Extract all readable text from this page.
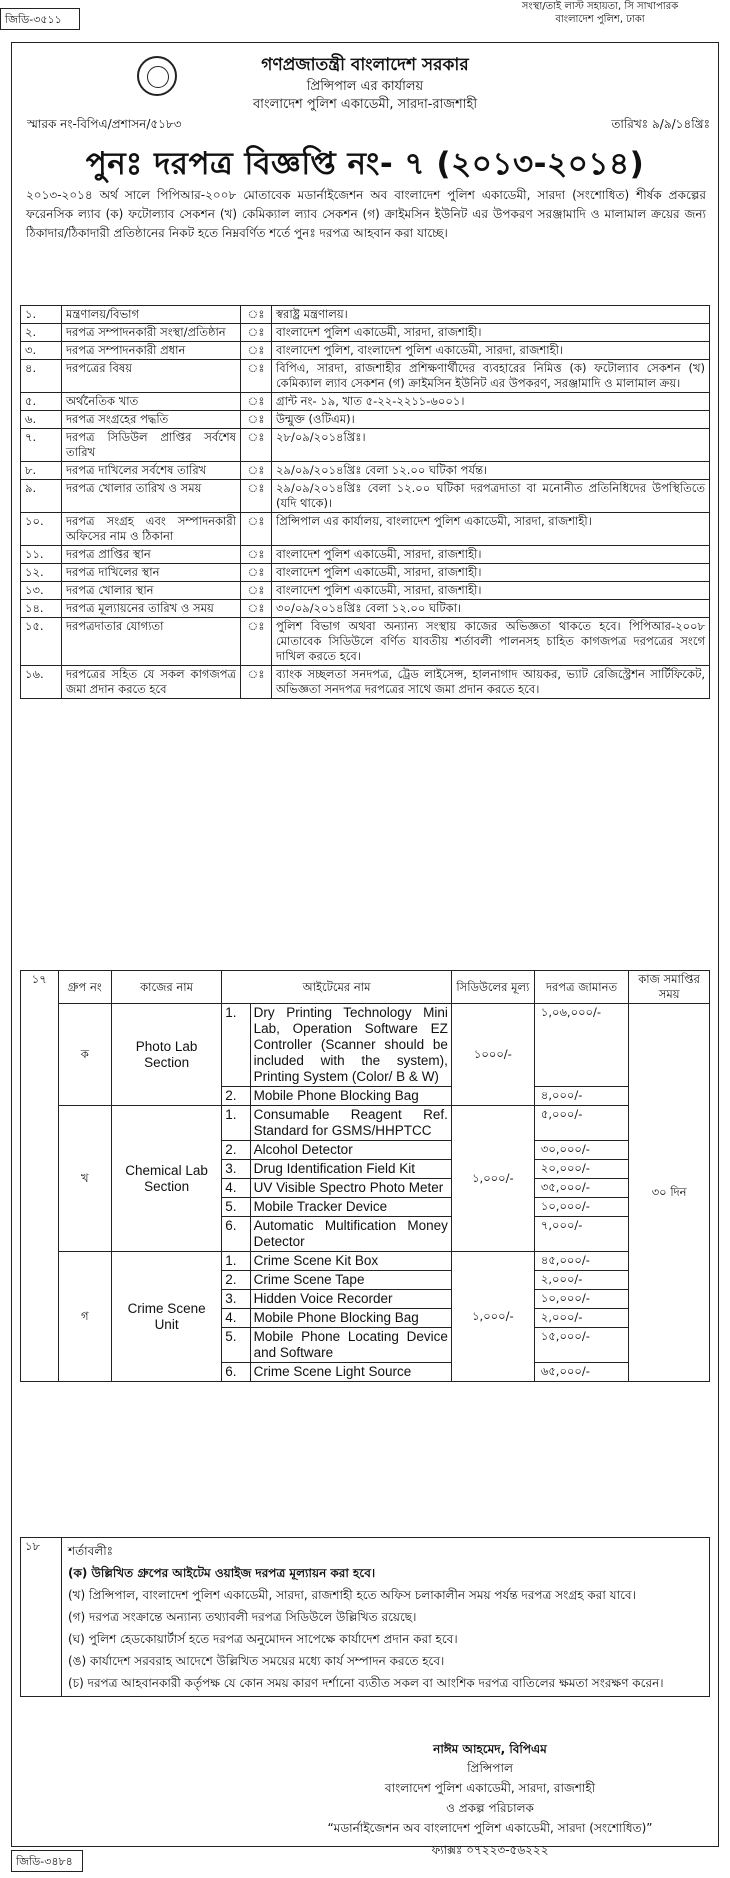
জিডি-৩৫১১
সংস্থা/তাই লাস্ট সহায়তা, সি সাখাপারক
বাংলাদেশ পুলিশ, ঢাকা
গণপ্রজাতন্ত্রী বাংলাদেশ সরকার
প্রিন্সিপাল এর কার্যালয়
বাংলাদেশ পুলিশ একাডেমী, সারদা-রাজশাহী
স্মারক নং-বিপিএ/প্রশাসন/৫১৮৩	তারিখঃ ৯/৯/১৪খ্রিঃ
পুনঃ দরপত্র বিজ্ঞপ্তি নং- ৭ (২০১৩-২০১৪)
২০১৩-২০১৪ অর্থ সালে পিপিআর-২০০৮ মোতাবেক মডার্নাইজেশন অব বাংলাদেশ পুলিশ একাডেমী, সারদা (সংশোধিত) শীর্ষক প্রকল্পের ফরেনসিক ল্যাব (ক) ফটোল্যাব সেকশন (খ) কেমিক্যাল ল্যাব সেকশন (গ) ক্রাইমসিন ইউনিট এর উপকরণ সরঞ্জামাদি ও মালামাল ক্রয়ের জন্য ঠিকাদার/ঠিকাদারী প্রতিষ্ঠানের নিকট হতে নিম্নবর্ণিত শর্তে পুনঃ দরপত্র আহবান করা যাচ্ছে।
১.	মন্ত্রণালয়/বিভাগ	ঃ	স্বরাষ্ট্র মন্ত্রণালয়।
২.	দরপত্র সম্পাদনকারী সংস্থা/প্রতিষ্ঠান	ঃ	বাংলাদেশ পুলিশ একাডেমী, সারদা, রাজশাহী।
৩.	দরপত্র সম্পাদনকারী প্রধান	ঃ	বাংলাদেশ পুলিশ, বাংলাদেশ পুলিশ একাডেমী, সারদা, রাজশাহী।
৪.	দরপত্রের বিষয়	ঃ	বিপিএ, সারদা, রাজশাহীর প্রশিক্ষণার্থীদের ব্যবহারের নিমিত্ত (ক) ফটোল্যাব সেকশন (খ) কেমিক্যাল ল্যাব সেকশন (গ) ক্রাইমসিন ইউনিট এর উপকরণ, সরঞ্জামাদি ও মালামাল ক্রয়।
৫.	অর্থনৈতিক খাত	ঃ	গ্রান্ট নং- ১৯, খাত ৫-২২-২২১১-৬০০১।
৬.	দরপত্র সংগ্রহের পদ্ধতি	ঃ	উন্মুক্ত (ওটিএম)।
৭.	দরপত্র সিডিউল প্রাপ্তির সর্বশেষ তারিখ	ঃ	২৮/০৯/২০১৪খ্রিঃ।
৮.	দরপত্র দাখিলের সর্বশেষ তারিখ	ঃ	২৯/০৯/২০১৪খ্রিঃ বেলা ১২.০০ ঘটিকা পর্যন্ত।
৯.	দরপত্র খোলার তারিখ ও সময়	ঃ	২৯/০৯/২০১৪খ্রিঃ বেলা ১২.০০ ঘটিকা দরপত্রদাতা বা মনোনীত প্রতিনিধিদের উপস্থিতিতে (যদি থাকে)।
১০.	দরপত্র সংগ্রহ এবং সম্পাদনকারী অফিসের নাম ও ঠিকানা	ঃ	প্রিন্সিপাল এর কার্যালয়, বাংলাদেশ পুলিশ একাডেমী, সারদা, রাজশাহী।
১১.	দরপত্র প্রাপ্তির স্থান	ঃ	বাংলাদেশ পুলিশ একাডেমী, সারদা, রাজশাহী।
১২.	দরপত্র দাখিলের স্থান	ঃ	বাংলাদেশ পুলিশ একাডেমী, সারদা, রাজশাহী।
১৩.	দরপত্র খোলার স্থান	ঃ	বাংলাদেশ পুলিশ একাডেমী, সারদা, রাজশাহী।
১৪.	দরপত্র মূল্যায়নের তারিখ ও সময়	ঃ	৩০/০৯/২০১৪খ্রিঃ বেলা ১২.০০ ঘটিকা।
১৫.	দরপত্রদাতার যোগ্যতা	ঃ	পুলিশ বিভাগ অথবা অন্যান্য সংস্থায় কাজের অভিজ্ঞতা থাকতে হবে। পিপিআর-২০০৮ মোতাবেক সিডিউলে বর্ণিত যাবতীয় শর্তাবলী পালনসহ চাহিত কাগজপত্র দরপত্রের সংগে দাখিল করতে হবে।
১৬.	দরপত্রের সহিত যে সকল কাগজপত্র জমা প্রদান করতে হবে	ঃ	ব্যাংক সচ্ছলতা সনদপত্র, ট্রেড লাইসেন্স, হালনাগাদ আয়কর, ভ্যাট রেজিস্ট্রেশন সার্টিফিকেট, অভিজ্ঞতা সনদপত্র দরপত্রের সাথে জমা প্রদান করতে হবে।
১৭	গ্রুপ নং	কাজের নাম	আইটেমের নাম		সিডিউলের মূল্য	দরপত্র জামানত	কাজ সমাপ্তির সময়
	ক	Photo Lab Section	1.	Dry Printing Technology Mini Lab, Operation Software EZ Controller (Scanner should be included with the system), Printing System (Color/ B & W)	১০০০/-	১,০৬,০০০/-	৩০ দিন
			2.	Mobile Phone Blocking Bag		৪,০০০/-	
	খ	Chemical Lab Section	1.	Consumable Reagent Ref. Standard for GSMS/HHPTCC	১,০০০/-	৫,০০০/-	
			2.	Alcohol Detector		৩০,০০০/-	
			3.	Drug Identification Field Kit		২০,০০০/-	
			4.	UV Visible Spectro Photo Meter		৩৫,০০০/-	
			5.	Mobile Tracker Device		১০,০০০/-	
			6.	Automatic Multification Money Detector		৭,০০০/-	
	গ	Crime Scene Unit	1.	Crime Scene Kit Box	১,০০০/-	৪৫,০০০/-	
			2.	Crime Scene Tape		২,০০০/-	
			3.	Hidden Voice Recorder		১০,০০০/-	
			4.	Mobile Phone Blocking Bag		২,০০০/-	
			5.	Mobile Phone Locating Device and Software		১৫,০০০/-	
			6.	Crime Scene Light Source		৬৫,০০০/-	
১৮	শর্তাবলীঃ
(ক) উল্লিখিত গ্রুপের আইটেম ওয়াইজ দরপত্র মূল্যায়ন করা হবে।
(খ) প্রিন্সিপাল, বাংলাদেশ পুলিশ একাডেমী, সারদা, রাজশাহী হতে অফিস চলাকালীন সময় পর্যন্ত দরপত্র সংগ্রহ করা যাবে।
(গ) দরপত্র সংক্রান্তে অন্যান্য তথ্যাবলী দরপত্র সিডিউলে উল্লিখিত রয়েছে।
(ঘ) পুলিশ হেডকোয়ার্টার্স হতে দরপত্র অনুমোদন সাপেক্ষে কার্যাদেশ প্রদান করা হবে।
(ঙ) কার্যাদেশ সরবরাহ আদেশে উল্লিখিত সময়ের মধ্যে কার্য সম্পাদন করতে হবে।
(চ) দরপত্র আহবানকারী কর্তৃপক্ষ যে কোন সময় কারণ দর্শানো ব্যতীত সকল বা আংশিক দরপত্র বাতিলের ক্ষমতা সংরক্ষণ করেন।
নাঈম আহমেদ, বিপিএম
প্রিন্সিপাল
বাংলাদেশ পুলিশ একাডেমী, সারদা, রাজশাহী
ও প্রকল্প পরিচালক
“মডার্নাইজেশন অব বাংলাদেশ পুলিশ একাডেমী, সারদা (সংশোধিত)”
ফ্যাক্সঃ ০৭২২৩-৫৬২২২
জিডি-৩৪৮৪
